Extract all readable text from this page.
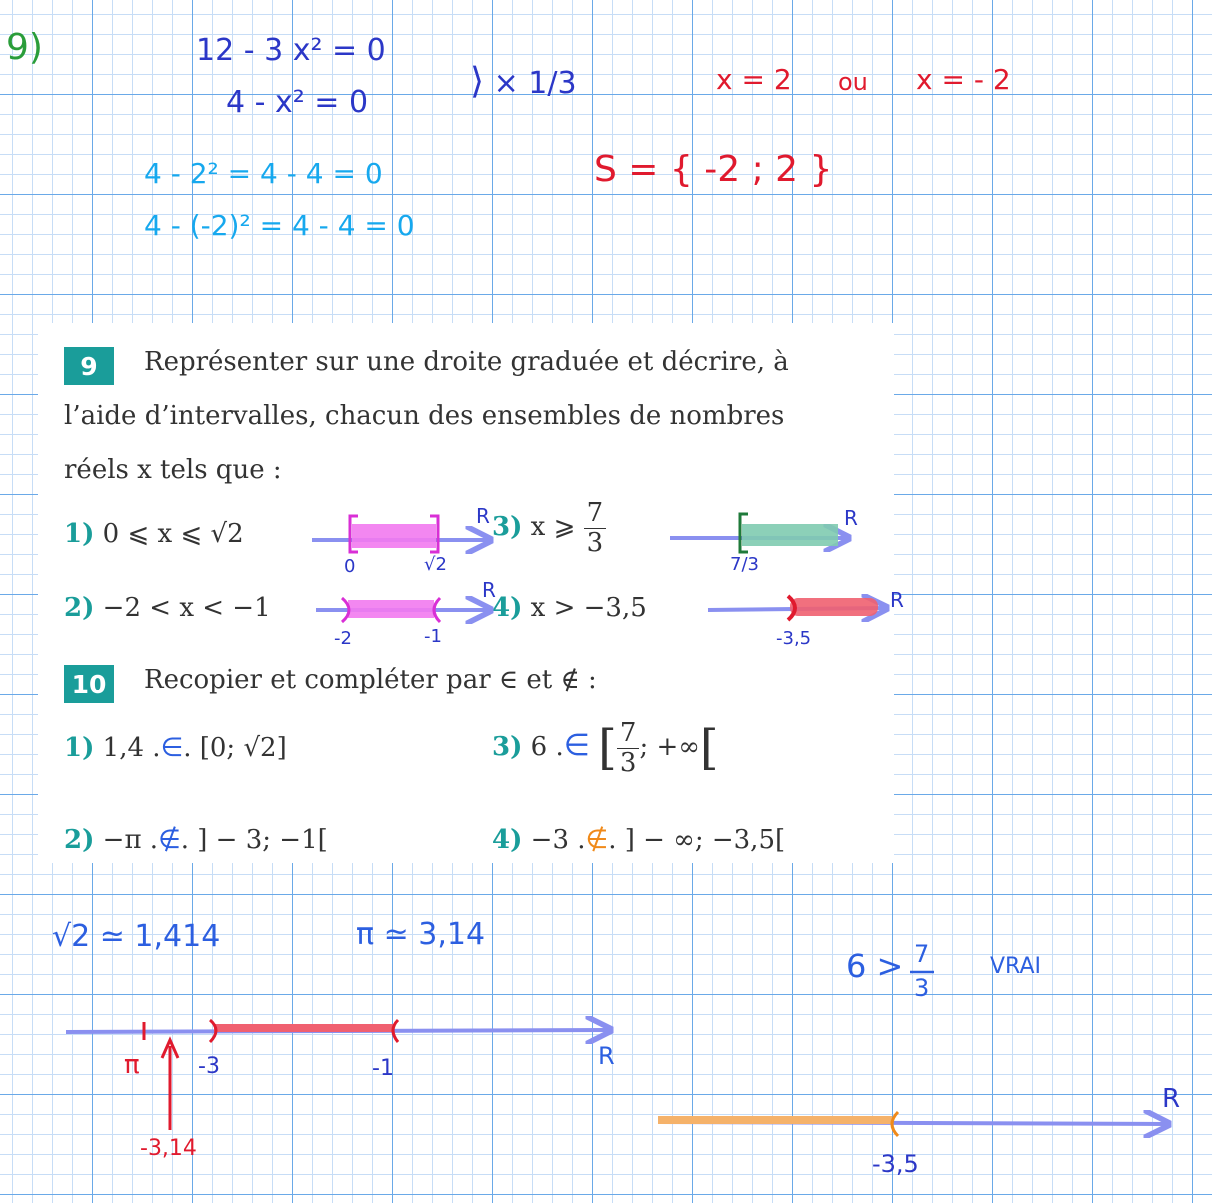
9)	12 - 3 x² = 0
4 - x² = 0
⟩ × 1/3
4 - 2² = 4 - 4 = 0
4 - (-2)² = 4 - 4 = 0
x = 2 ou x = - 2
S = { -2 ; 2 }
9	Représenter sur une droite graduée et décrire, à
l’aide d’intervalles, chacun des ensembles de nombres
réels x tels que :
1) 0 ⩽ x ⩽ √2	3) x ⩾ $\frac{7}{3}$
2) −2 < x < −1	4) x > −3,5
10 Recopier et compléter par ∈ et ∉ :
1) 1,4 .∈. [0; √2]	3) 6 .∈ [ $\frac{7}{3}$ ; +∞[
2) −π .∉. ] − 3; −1[	4) −3 .∉. ] − ∞; −3,5[
R
0	√2
R
7/3
R
-2	-1
R
-3,5
√2 ≃ 1,414	π ≃ 3,14
6 > 7
3
VRAI
R
π	-3	-1
-3,14
R
-3,5
